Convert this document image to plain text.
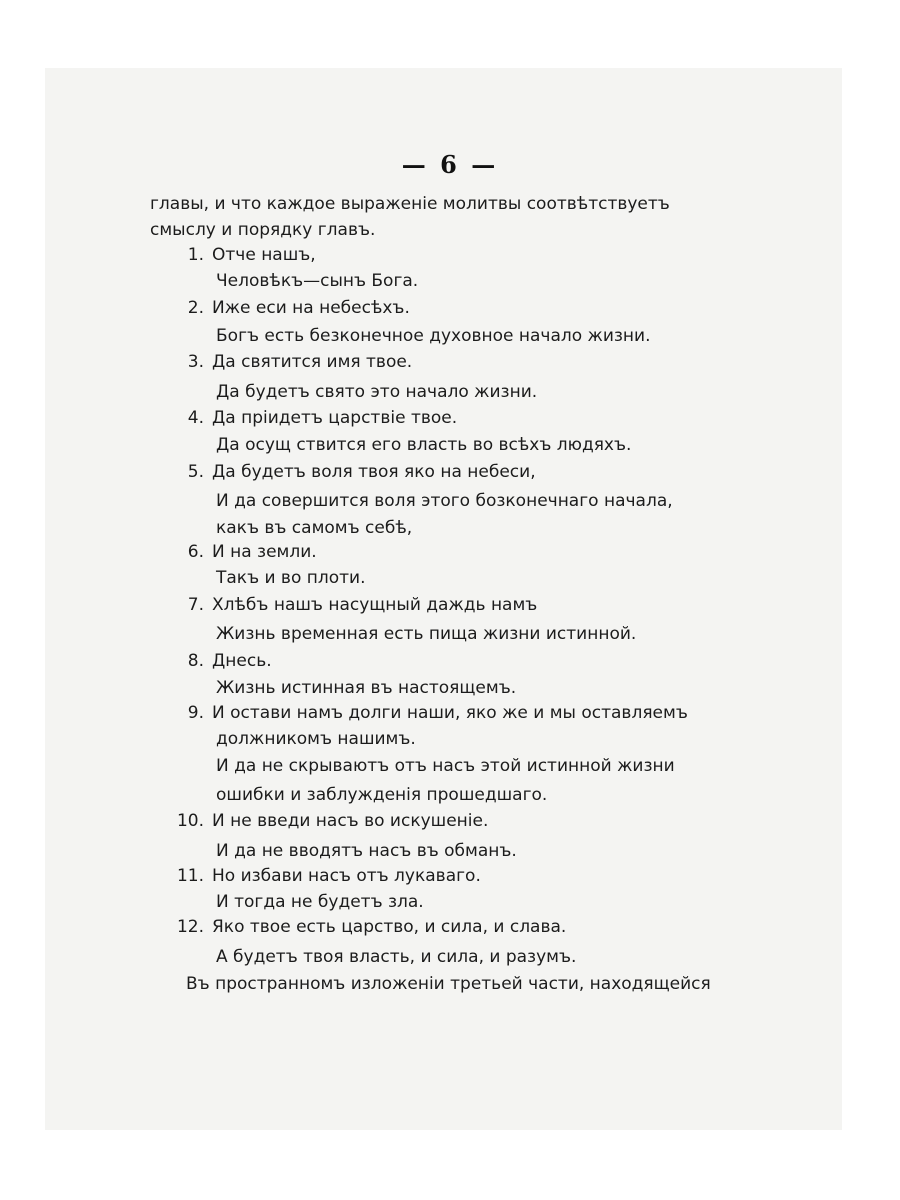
— 6 —
главы, и что каждое выраженіе молитвы соотвѣтствуетъ
смыслу и порядку главъ.
1. Отче нашъ,
Человѣкъ—сынъ Бога.
2. Иже еси на небесѣхъ.
Богъ есть безконечное духовное начало жизни.
3. Да святится имя твое.
Да будетъ свято это начало жизни.
4. Да пріидетъ царствіе твое.
Да осущ ствится его власть во всѣхъ людяхъ.
5. Да будетъ воля твоя яко на небеси,
И да совершится воля этого бозконечнаго начала,
какъ въ самомъ себѣ,
6. И на земли.
Такъ и во плоти.
7. Хлѣбъ нашъ насущный даждь намъ
Жизнь временная есть пища жизни истинной.
8. Днесь.
Жизнь истинная въ настоящемъ.
9. И остави намъ долги наши, яко же и мы оставляемъ
должникомъ нашимъ.
И да не скрываютъ отъ насъ этой истинной жизни
ошибки и заблужденія прошедшаго.
10. И не введи насъ во искушеніе.
И да не вводятъ насъ въ обманъ.
11. Но избави насъ отъ лукаваго.
И тогда не будетъ зла.
12. Яко твое есть царство, и сила, и слава.
А будетъ твоя власть, и сила, и разумъ.
Въ пространномъ изложеніи третьей части, находящейся
